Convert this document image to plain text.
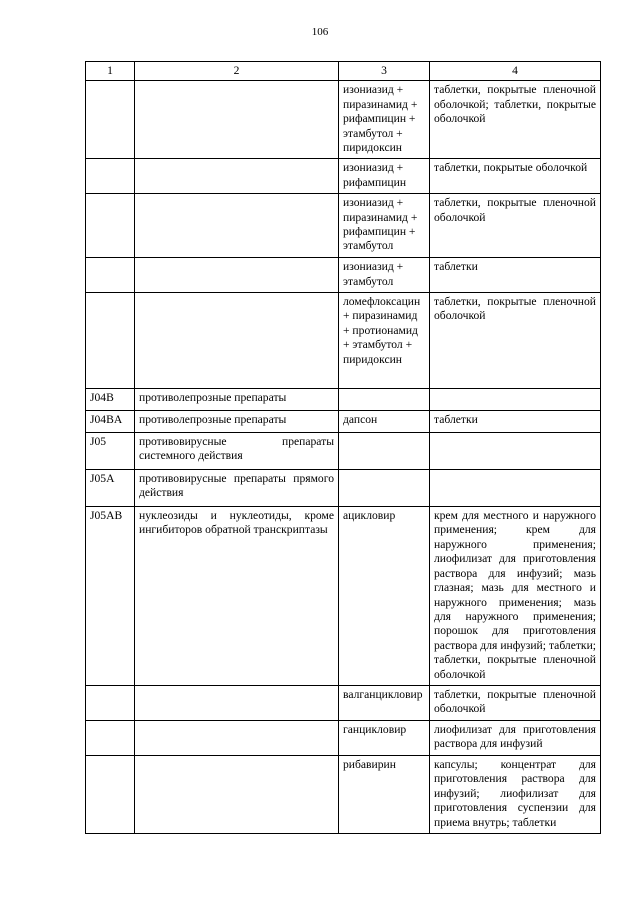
106
1	2	3	4
		изониазид + пиразинамид + рифампицин + этамбутол + пиридоксин	таблетки, покрытые пленочной оболочкой; таблетки, покрытые оболочкой
		изониазид + рифампицин	таблетки, покрытые оболочкой
		изониазид + пиразинамид + рифампицин + этамбутол	таблетки, покрытые пленочной оболочкой
		изониазид + этамбутол	таблетки
		ломефлоксацин + пиразинамид + протионамид + этамбутол + пиридоксин	таблетки, покрытые пленочной оболочкой
J04B	противолепрозные препараты		
J04BA	противолепрозные препараты	дапсон	таблетки
J05	противовирусные препараты системного действия		
J05A	противовирусные препараты прямого действия		
J05AB	нуклеозиды и нуклеотиды, кроме ингибиторов обратной транскриптазы	ацикловир	крем для местного и наружного применения; крем для наружного применения; лиофилизат для приготовления раствора для инфузий; мазь глазная; мазь для местного и наружного применения; мазь для наружного применения; порошок для приготовления раствора для инфузий; таблетки; таблетки, покрытые пленочной оболочкой
		валганцикловир	таблетки, покрытые пленочной оболочкой
		ганцикловир	лиофилизат для приготовления раствора для инфузий
		рибавирин	капсулы; концентрат для приготовления раствора для инфузий; лиофилизат для приготовления суспензии для приема внутрь; таблетки
